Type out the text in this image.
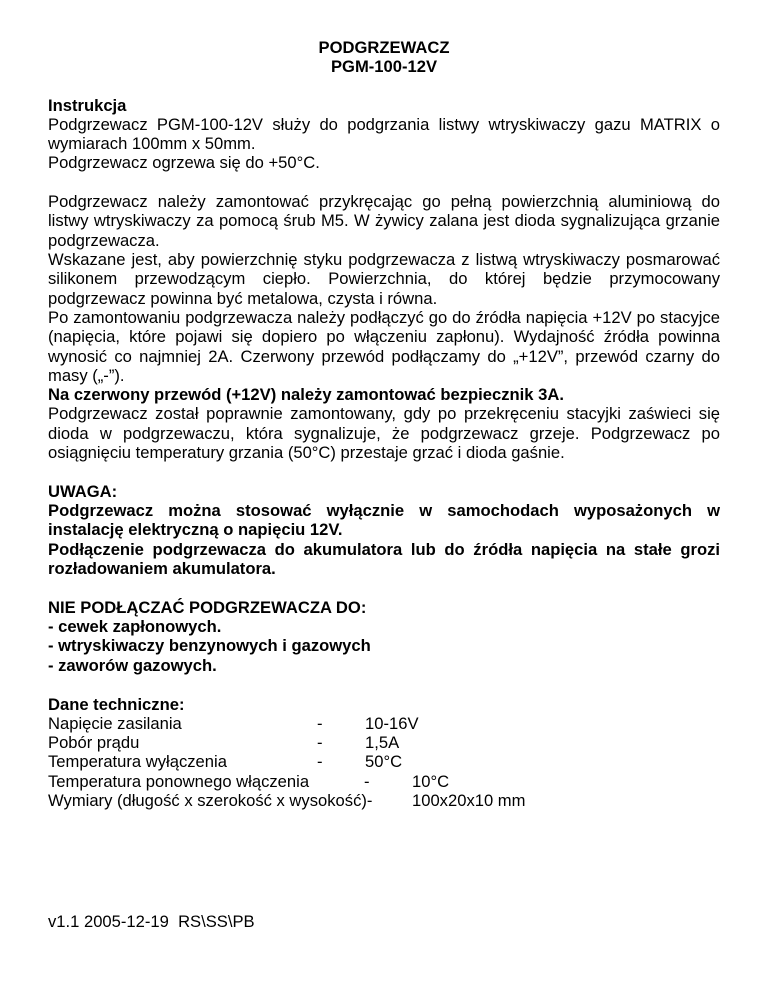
PODGRZEWACZ
PGM-100-12V
Instrukcja
Podgrzewacz PGM-100-12V służy do podgrzania listwy wtryskiwaczy gazu MATRIX o wymiarach 100mm x 50mm.
Podgrzewacz ogrzewa się do +50°C.
Podgrzewacz należy zamontować przykręcając go pełną powierzchnią aluminiową do listwy wtryskiwaczy za pomocą śrub M5. W żywicy zalana jest dioda sygnalizująca grzanie podgrzewacza.
Wskazane jest, aby powierzchnię styku podgrzewacza z listwą wtryskiwaczy posmarować silikonem przewodzącym ciepło. Powierzchnia, do której będzie przymocowany podgrzewacz powinna być metalowa, czysta i równa.
Po zamontowaniu podgrzewacza należy podłączyć go do źródła napięcia +12V po stacyjce (napięcia, które pojawi się dopiero po włączeniu zapłonu). Wydajność źródła powinna wynosić co najmniej 2A. Czerwony przewód podłączamy do „+12V”, przewód czarny do masy („-”).
Na czerwony przewód (+12V) należy zamontować bezpiecznik 3A.
Podgrzewacz został poprawnie zamontowany, gdy po przekręceniu stacyjki zaświeci się dioda w podgrzewaczu, która sygnalizuje, że podgrzewacz grzeje. Podgrzewacz po osiągnięciu temperatury grzania (50°C) przestaje grzać i dioda gaśnie.
UWAGA:
Podgrzewacz można stosować wyłącznie w samochodach wyposażonych w instalację elektryczną o napięciu 12V.
Podłączenie podgrzewacza do akumulatora lub do źródła napięcia na stałe grozi rozładowaniem akumulatora.
NIE PODŁĄCZAĆ PODGRZEWACZA DO:
- cewek zapłonowych.
- wtryskiwaczy benzynowych i gazowych
- zaworów gazowych.
Dane techniczne:
Napięcie zasilania	-	10-16V
Pobór prądu	-	1,5A
Temperatura wyłączenia	-	50°C
Temperatura ponownego włączenia	-	10°C
Wymiary (długość x szerokość x wysokość)- 100x20x10 mm
v1.1 2005-12-19  RS\SS\PB
